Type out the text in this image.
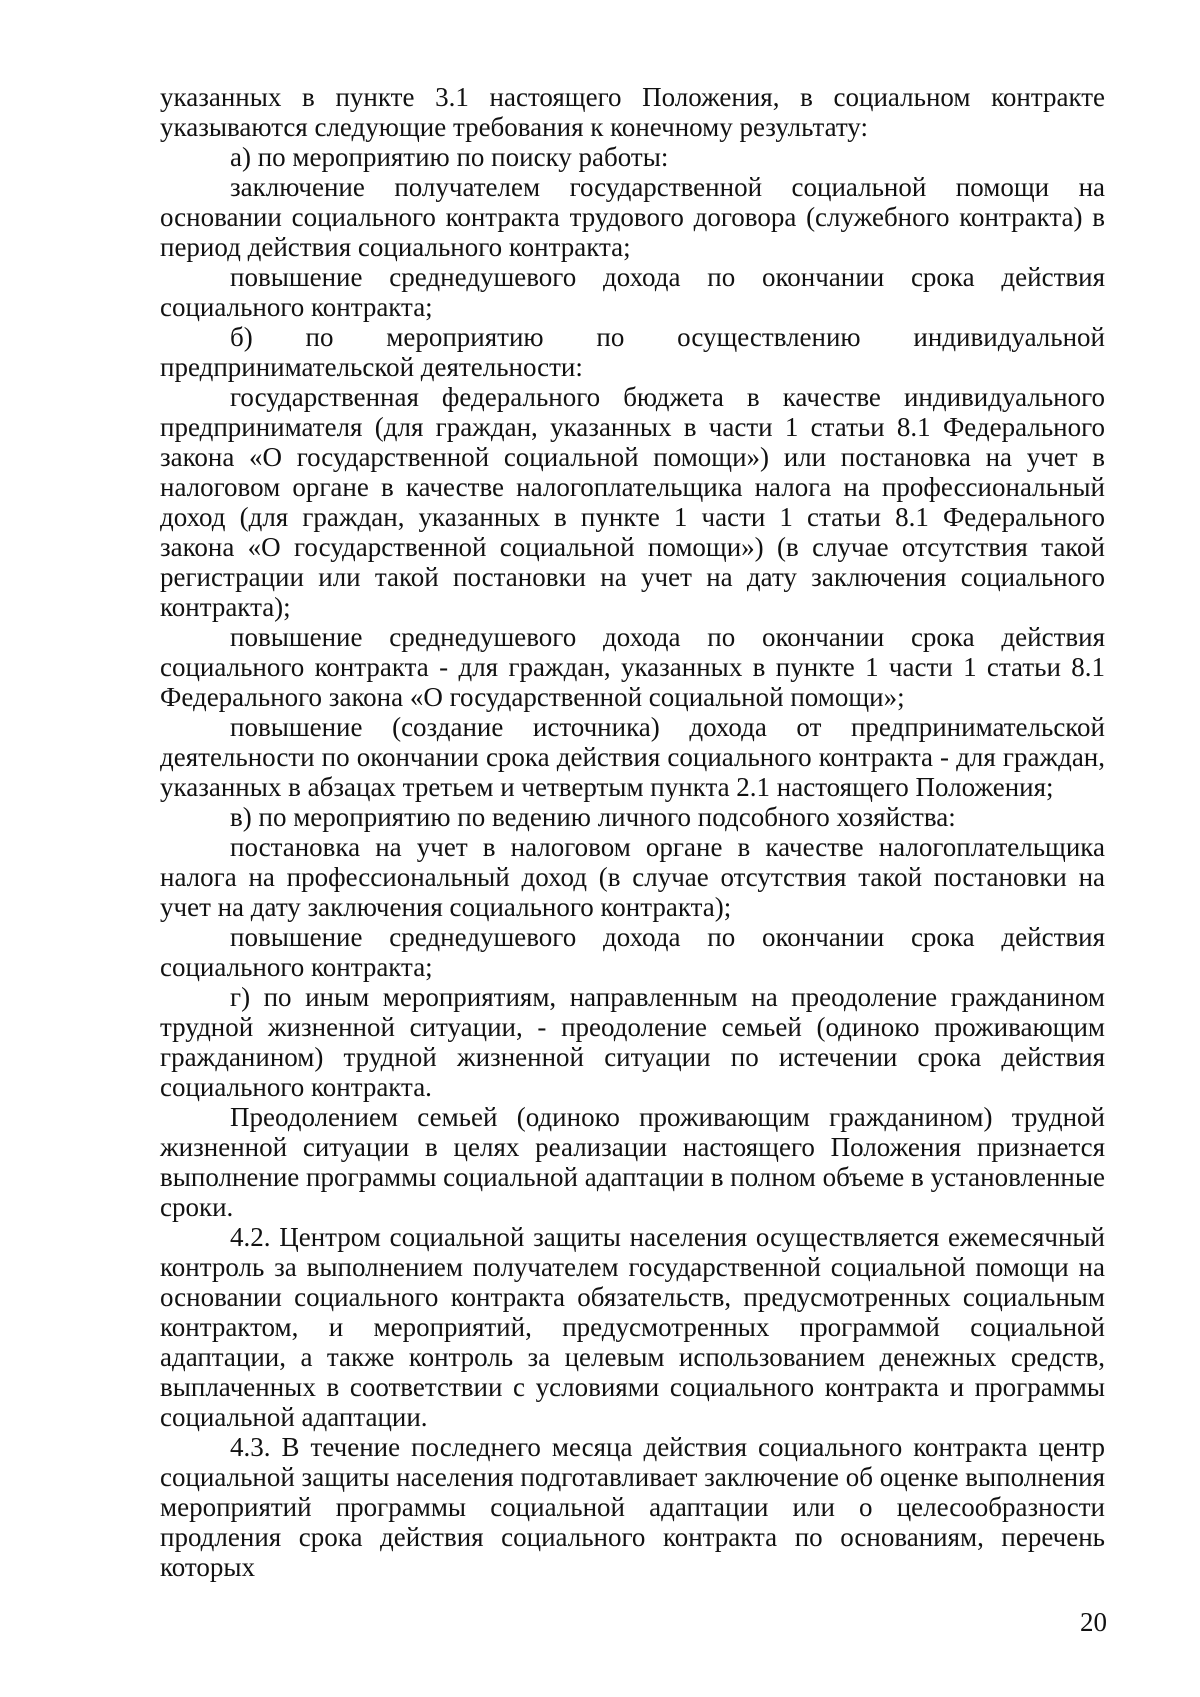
указанных в пункте 3.1 настоящего Положения, в социальном контракте указываются следующие требования к конечному результату:

а) по мероприятию по поиску работы:

заключение получателем государственной социальной помощи на основании социального контракта трудового договора (служебного контракта) в период действия социального контракта;

повышение среднедушевого дохода по окончании срока действия социального контракта;

б) по мероприятию по осуществлению индивидуальной предпринимательской деятельности:

государственная федерального бюджета в качестве индивидуального предпринимателя (для граждан, указанных в части 1 статьи 8.1 Федерального закона «О государственной социальной помощи») или постановка на учет в налоговом органе в качестве налогоплательщика налога на профессиональный доход (для граждан, указанных в пункте 1 части 1 статьи 8.1 Федерального закона «О государственной социальной помощи») (в случае отсутствия такой регистрации или такой постановки на учет на дату заключения социального контракта);

повышение среднедушевого дохода по окончании срока действия социального контракта - для граждан, указанных в пункте 1 части 1 статьи 8.1 Федерального закона «О государственной социальной помощи»;

повышение (создание источника) дохода от предпринимательской деятельности по окончании срока действия социального контракта - для граждан, указанных в абзацах третьем и четвертым пункта 2.1 настоящего Положения;

в) по мероприятию по ведению личного подсобного хозяйства:

постановка на учет в налоговом органе в качестве налогоплательщика налога на профессиональный доход (в случае отсутствия такой постановки на учет на дату заключения социального контракта);

повышение среднедушевого дохода по окончании срока действия социального контракта;

г) по иным мероприятиям, направленным на преодоление гражданином трудной жизненной ситуации, - преодоление семьей (одиноко проживающим гражданином) трудной жизненной ситуации по истечении срока действия социального контракта.

Преодолением семьей (одиноко проживающим гражданином) трудной жизненной ситуации в целях реализации настоящего Положения признается выполнение программы социальной адаптации в полном объеме в установленные сроки.

4.2. Центром социальной защиты населения осуществляется ежемесячный контроль за выполнением получателем государственной социальной помощи на основании социального контракта обязательств, предусмотренных социальным контрактом, и мероприятий, предусмотренных программой социальной адаптации, а также контроль за целевым использованием денежных средств, выплаченных в соответствии с условиями социального контракта и программы социальной адаптации.

4.3. В течение последнего месяца действия социального контракта центр социальной защиты населения подготавливает заключение об оценке выполнения мероприятий программы социальной адаптации или о целесообразности продления срока действия социального контракта по основаниям, перечень которых

20
